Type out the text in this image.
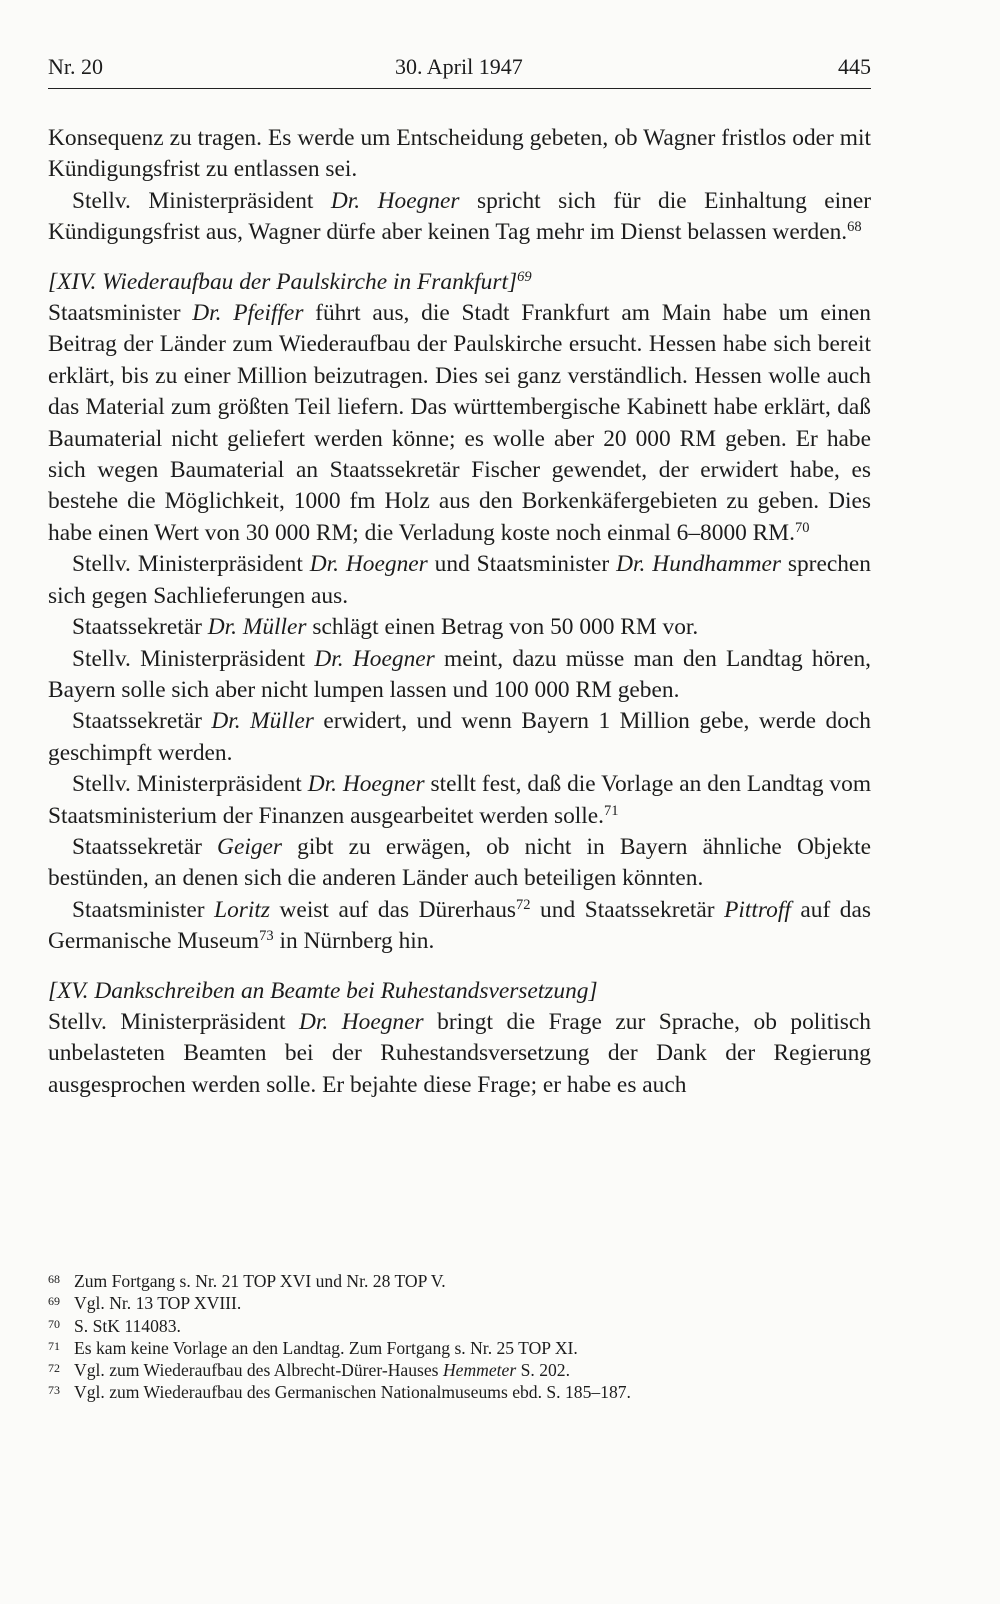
Nr. 20	30. April 1947	445

Konsequenz zu tragen. Es werde um Entscheidung gebeten, ob Wagner fristlos oder mit Kündigungsfrist zu entlassen sei.

Stellv. Ministerpräsident Dr. Hoegner spricht sich für die Einhaltung einer Kündigungsfrist aus, Wagner dürfe aber keinen Tag mehr im Dienst belassen werden.$^{68}$

[XIV. Wiederaufbau der Paulskirche in Frankfurt]$^{69}$

Staatsminister Dr. Pfeiffer führt aus, die Stadt Frankfurt am Main habe um einen Beitrag der Länder zum Wiederaufbau der Paulskirche ersucht. Hessen habe sich bereit erklärt, bis zu einer Million beizutragen. Dies sei ganz verständlich. Hessen wolle auch das Material zum größten Teil liefern. Das württembergische Kabinett habe erklärt, daß Baumaterial nicht geliefert werden könne; es wolle aber 20 000 RM geben. Er habe sich wegen Baumaterial an Staatssekretär Fischer gewendet, der erwidert habe, es bestehe die Möglichkeit, 1000 fm Holz aus den Borkenkäfergebieten zu geben. Dies habe einen Wert von 30 000 RM; die Verladung koste noch einmal 6–8000 RM.$^{70}$

Stellv. Ministerpräsident Dr. Hoegner und Staatsminister Dr. Hundhammer sprechen sich gegen Sachlieferungen aus.

Staatssekretär Dr. Müller schlägt einen Betrag von 50 000 RM vor.

Stellv. Ministerpräsident Dr. Hoegner meint, dazu müsse man den Landtag hören, Bayern solle sich aber nicht lumpen lassen und 100 000 RM geben.

Staatssekretär Dr. Müller erwidert, und wenn Bayern 1 Million gebe, werde doch geschimpft werden.

Stellv. Ministerpräsident Dr. Hoegner stellt fest, daß die Vorlage an den Landtag vom Staatsministerium der Finanzen ausgearbeitet werden solle.$^{71}$

Staatssekretär Geiger gibt zu erwägen, ob nicht in Bayern ähnliche Objekte bestünden, an denen sich die anderen Länder auch beteiligen könnten.

Staatsminister Loritz weist auf das Dürerhaus$^{72}$ und Staatssekretär Pittroff auf das Germanische Museum$^{73}$ in Nürnberg hin.

[XV. Dankschreiben an Beamte bei Ruhestandsversetzung]

Stellv. Ministerpräsident Dr. Hoegner bringt die Frage zur Sprache, ob politisch unbelasteten Beamten bei der Ruhestandsversetzung der Dank der Regierung ausgesprochen werden solle. Er bejahte diese Frage; er habe es auch

68 Zum Fortgang s. Nr. 21 TOP XVI und Nr. 28 TOP V.
69 Vgl. Nr. 13 TOP XVIII.
70 S. StK 114083.
71 Es kam keine Vorlage an den Landtag. Zum Fortgang s. Nr. 25 TOP XI.
72 Vgl. zum Wiederaufbau des Albrecht-Dürer-Hauses Hemmeter S. 202.
73 Vgl. zum Wiederaufbau des Germanischen Nationalmuseums ebd. S. 185–187.
